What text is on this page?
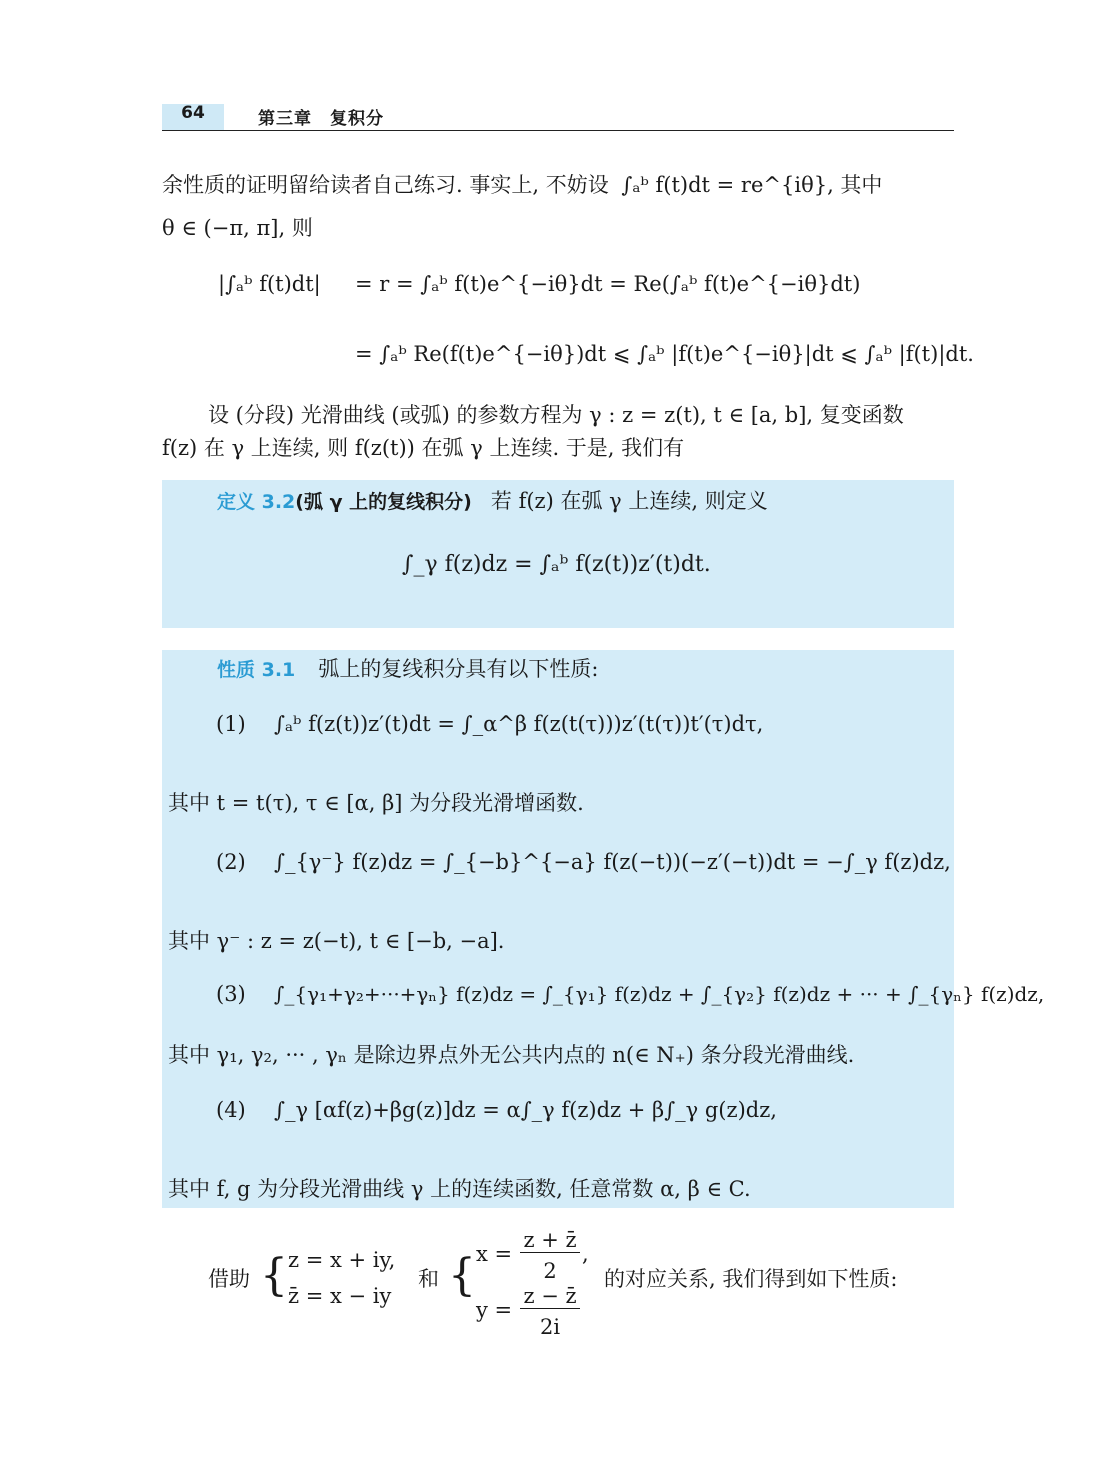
64	第三章　复积分
余性质的证明留给读者自己练习. 事实上, 不妨设 ∫ₐᵇ f(t)dt = re^{iθ}, 其中
θ ∈ (−π, π], 则
|∫ₐᵇ f(t)dt| = r = ∫ₐᵇ f(t)e^{−iθ}dt = Re(∫ₐᵇ f(t)e^{−iθ}dt)
= ∫ₐᵇ Re(f(t)e^{−iθ})dt ⩽ ∫ₐᵇ |f(t)e^{−iθ}|dt ⩽ ∫ₐᵇ |f(t)|dt.
设 (分段) 光滑曲线 (或弧) 的参数方程为 γ : z = z(t), t ∈ [a, b], 复变函数
f(z) 在 γ 上连续, 则 f(z(t)) 在弧 γ 上连续. 于是, 我们有
定义 3.2(弧 γ 上的复线积分) 若 f(z) 在弧 γ 上连续, 则定义
∫_γ f(z)dz = ∫ₐᵇ f(z(t))z′(t)dt.
性质 3.1 弧上的复线积分具有以下性质:
(1) ∫ₐᵇ f(z(t))z′(t)dt = ∫_α^β f(z(t(τ)))z′(t(τ))t′(τ)dτ,
其中 t = t(τ), τ ∈ [α, β] 为分段光滑增函数.
(2) ∫_{γ⁻} f(z)dz = ∫_{−b}^{−a} f(z(−t))(−z′(−t))dt = −∫_γ f(z)dz,
其中 γ⁻ : z = z(−t), t ∈ [−b, −a].
(3) ∫_{γ₁+γ₂+···+γₙ} f(z)dz = ∫_{γ₁} f(z)dz + ∫_{γ₂} f(z)dz + ··· + ∫_{γₙ} f(z)dz,
其中 γ₁, γ₂, ··· , γₙ 是除边界点外无公共内点的 n(∈ N₊) 条分段光滑曲线.
(4) ∫_γ [αf(z)+βg(z)]dz = α∫_γ f(z)dz + β∫_γ g(z)dz,
其中 f, g 为分段光滑曲线 γ 上的连续函数, 任意常数 α, β ∈ C.
借助 { z = x + iy,
z̄ = x − iy
和 { x =
z + z̄
2
,
y =
z − z̄
2i
的对应关系, 我们得到如下性质:
